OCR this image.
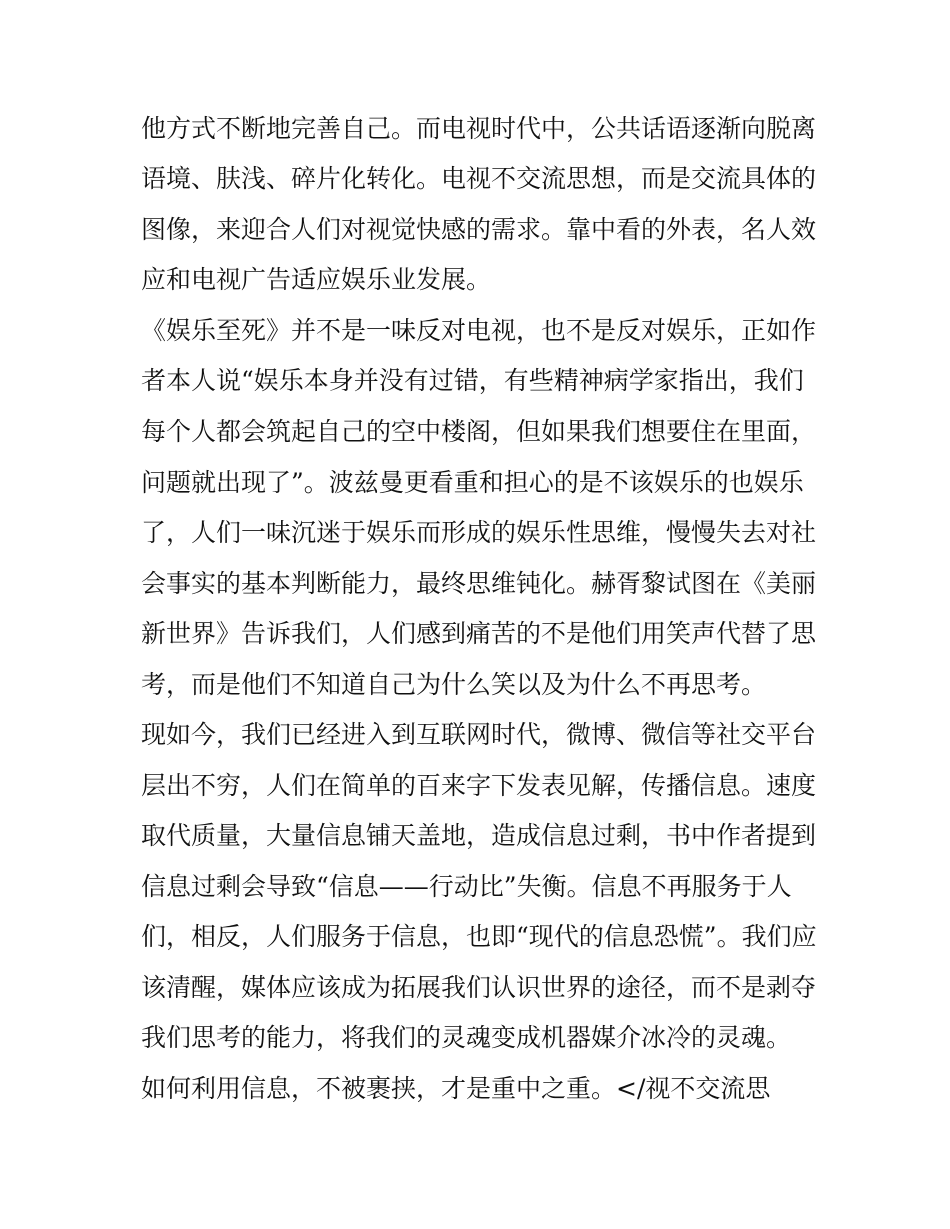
他方式不断地完善自己。而电视时代中，公共话语逐渐向脱离

语境、肤浅、碎片化转化。电视不交流思想，而是交流具体的

图像，来迎合人们对视觉快感的需求。靠中看的外表，名人效

应和电视广告适应娱乐业发展。

《娱乐至死》并不是一味反对电视，也不是反对娱乐，正如作

者本人说“娱乐本身并没有过错，有些精神病学家指出，我们

每个人都会筑起自己的空中楼阁，但如果我们想要住在里面，

问题就出现了”。波兹曼更看重和担心的是不该娱乐的也娱乐

了，人们一味沉迷于娱乐而形成的娱乐性思维，慢慢失去对社

会事实的基本判断能力，最终思维钝化。赫胥黎试图在《美丽

新世界》告诉我们，人们感到痛苦的不是他们用笑声代替了思

考，而是他们不知道自己为什么笑以及为什么不再思考。

现如今，我们已经进入到互联网时代，微博、微信等社交平台

层出不穷，人们在简单的百来字下发表见解，传播信息。速度

取代质量，大量信息铺天盖地，造成信息过剩，书中作者提到

信息过剩会导致“信息——行动比”失衡。信息不再服务于人

们，相反，人们服务于信息，也即“现代的信息恐慌”。我们应

该清醒，媒体应该成为拓展我们认识世界的途径，而不是剥夺

我们思考的能力，将我们的灵魂变成机器媒介冰冷的灵魂。

如何利用信息，不被裹挟，才是重中之重。</视不交流思
